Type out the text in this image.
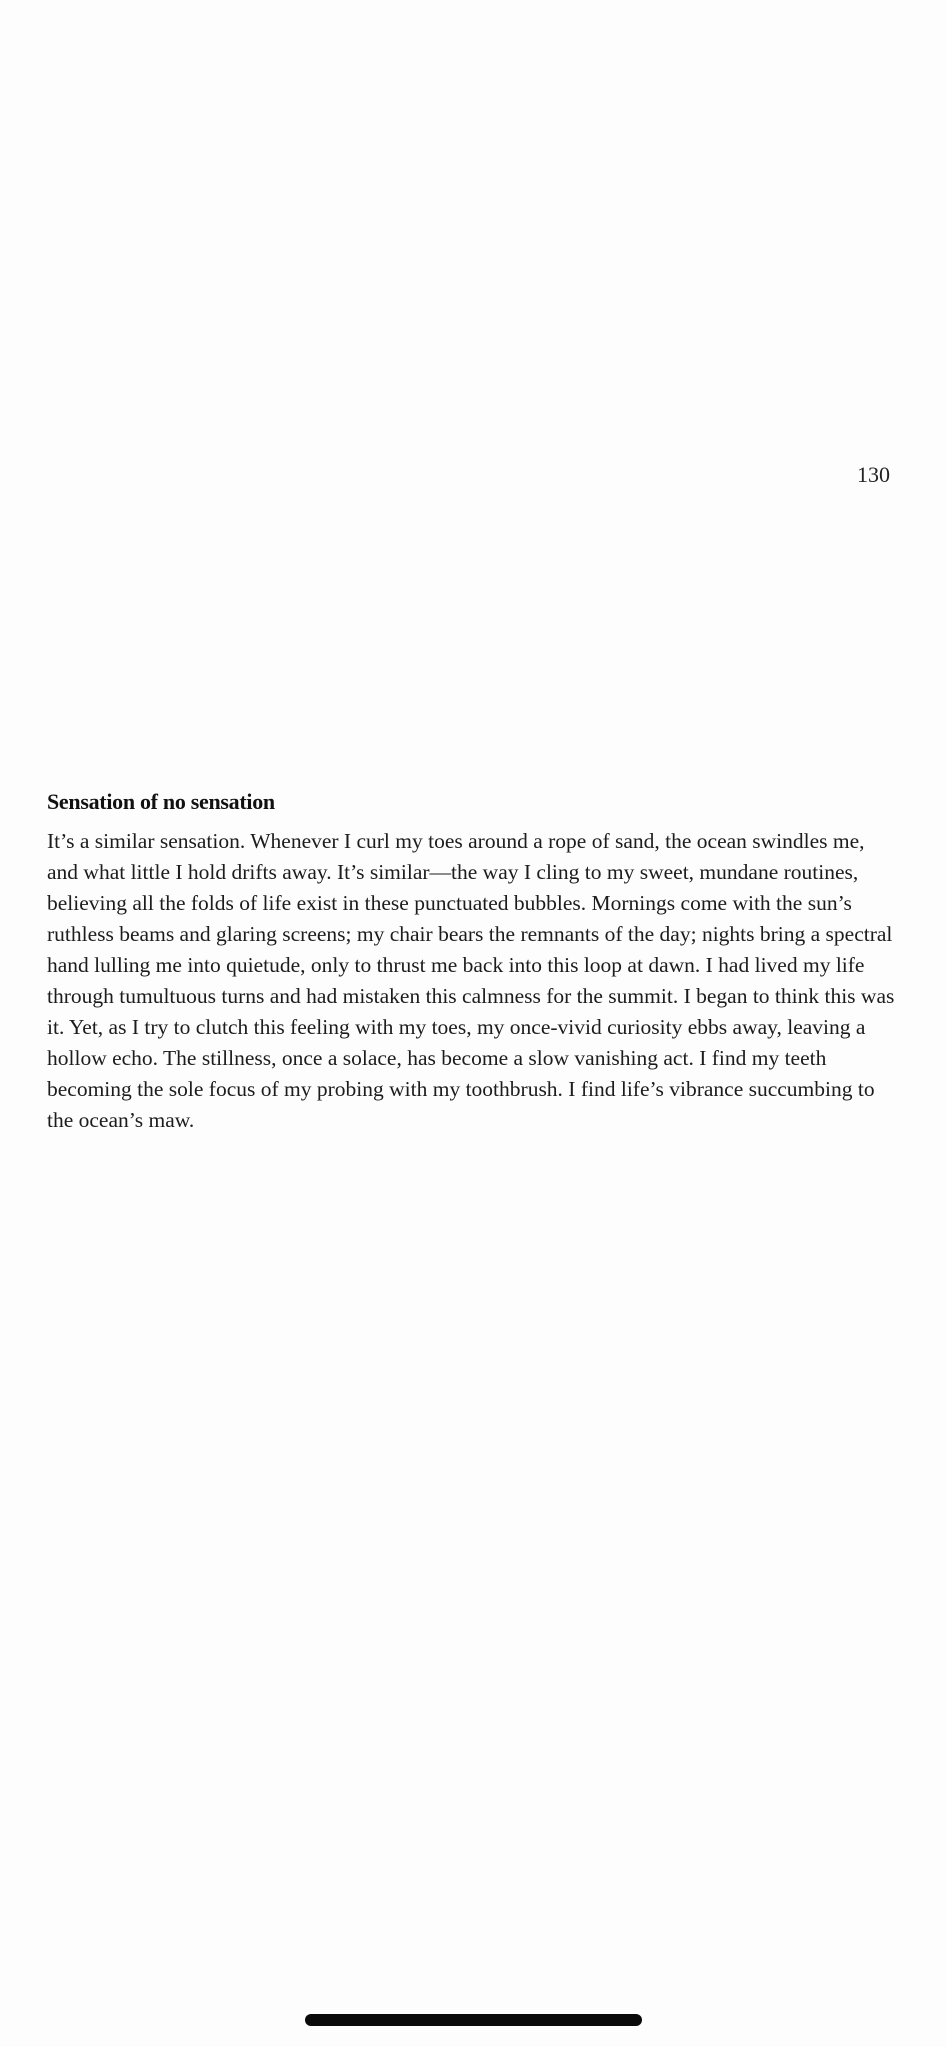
130
Sensation of no sensation

It’s a similar sensation. Whenever I curl my toes around a rope of sand, the ocean swindles me, and what little I hold drifts away. It’s similar—the way I cling to my sweet, mundane routines, believing all the folds of life exist in these punctuated bubbles. Mornings come with the sun’s ruthless beams and glaring screens; my chair bears the remnants of the day; nights bring a spectral hand lulling me into quietude, only to thrust me back into this loop at dawn. I had lived my life through tumultuous turns and had mistaken this calmness for the summit. I began to think this was it. Yet, as I try to clutch this feeling with my toes, my once-vivid curiosity ebbs away, leaving a hollow echo. The stillness, once a solace, has become a slow vanishing act. I find my teeth becoming the sole focus of my probing with my toothbrush. I find life’s vibrance succumbing to the ocean’s maw.
